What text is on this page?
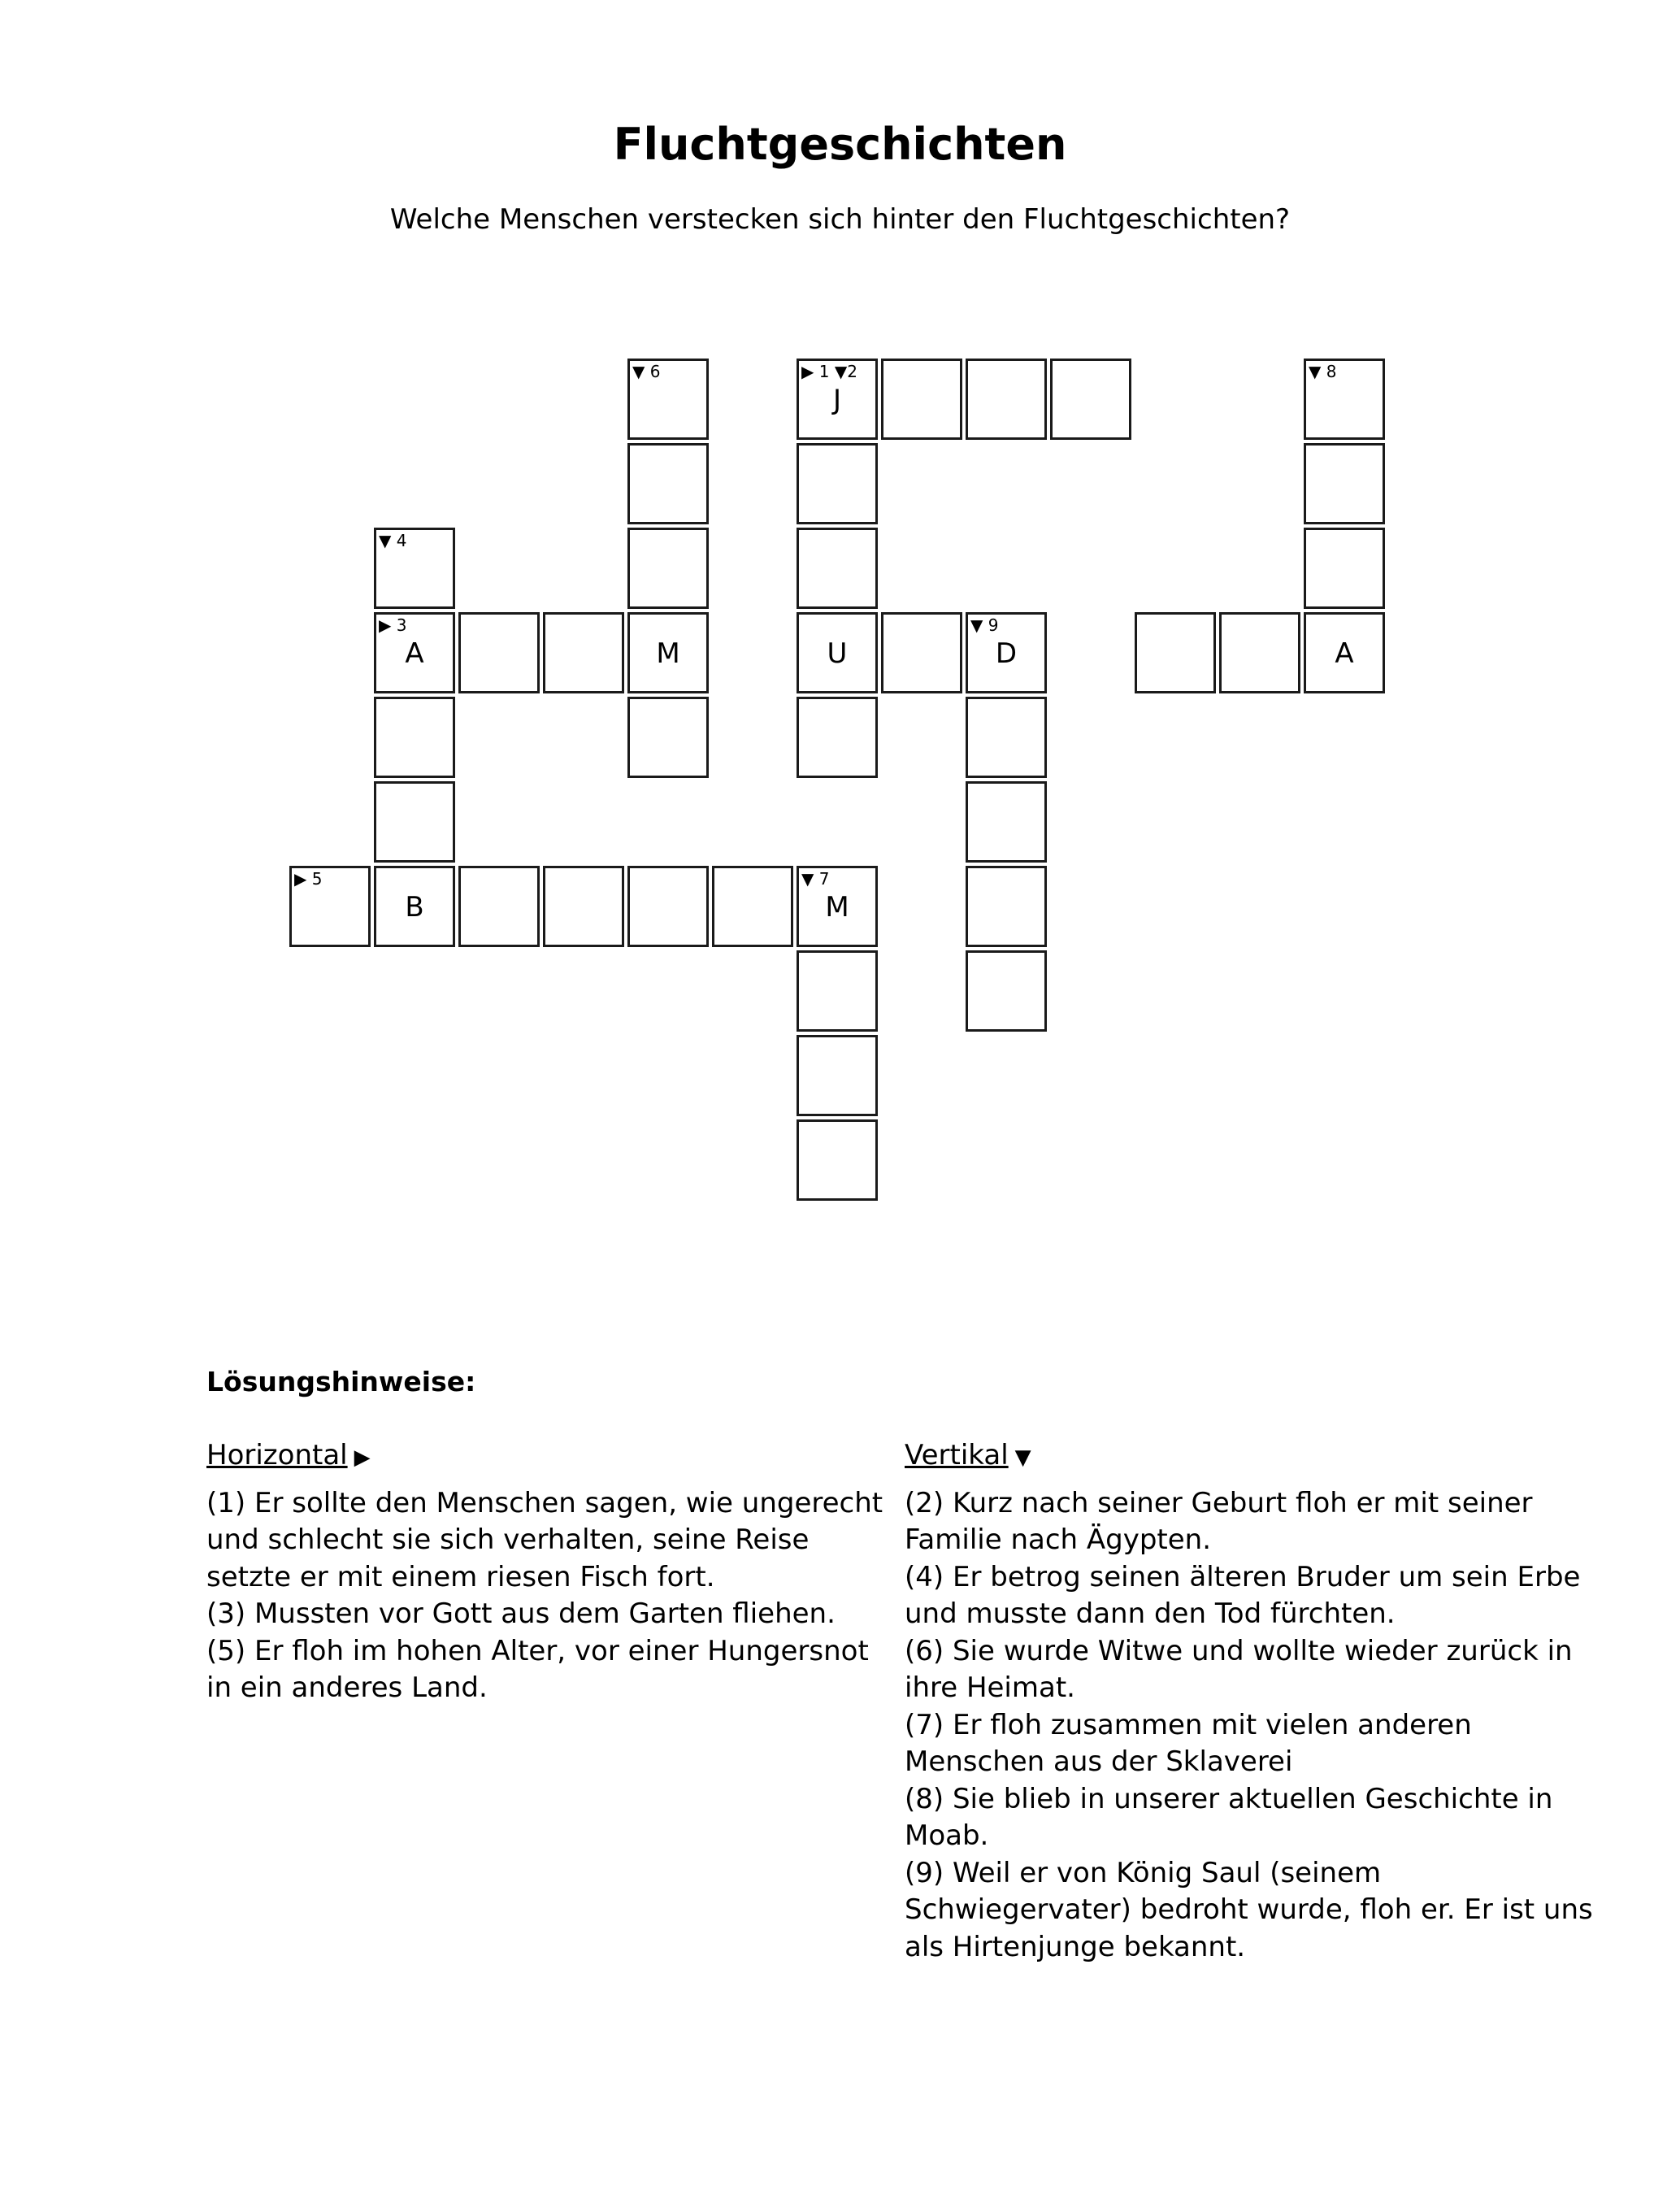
Fluchtgeschichten
Welche Menschen verstecken sich hinter den Fluchtgeschichten?
▼ 6	▶ 1 ▼2
J
▼ 8
▼ 4
▶ 3
A	M	U
▼ 9
D	A
▶ 5
B
▼ 7
M
Lösungshinweise:
Horizontal ▶

(1) Er sollte den Menschen sagen, wie ungerecht und schlecht sie sich verhalten, seine Reise setzte er mit einem riesen Fisch fort.

(3) Mussten vor Gott aus dem Garten fliehen.

(5) Er floh im hohen Alter, vor einer Hungersnot in ein anderes Land.

Vertikal ▼

(2) Kurz nach seiner Geburt floh er mit seiner Familie nach Ägypten.

(4) Er betrog seinen älteren Bruder um sein Erbe und musste dann den Tod fürchten.

(6) Sie wurde Witwe und wollte wieder zurück in ihre Heimat.

(7) Er floh zusammen mit vielen anderen Menschen aus der Sklaverei

(8) Sie blieb in unserer aktuellen Geschichte in Moab.

(9) Weil er von König Saul (seinem Schwiegervater) bedroht wurde, floh er. Er ist uns als Hirtenjunge bekannt.
